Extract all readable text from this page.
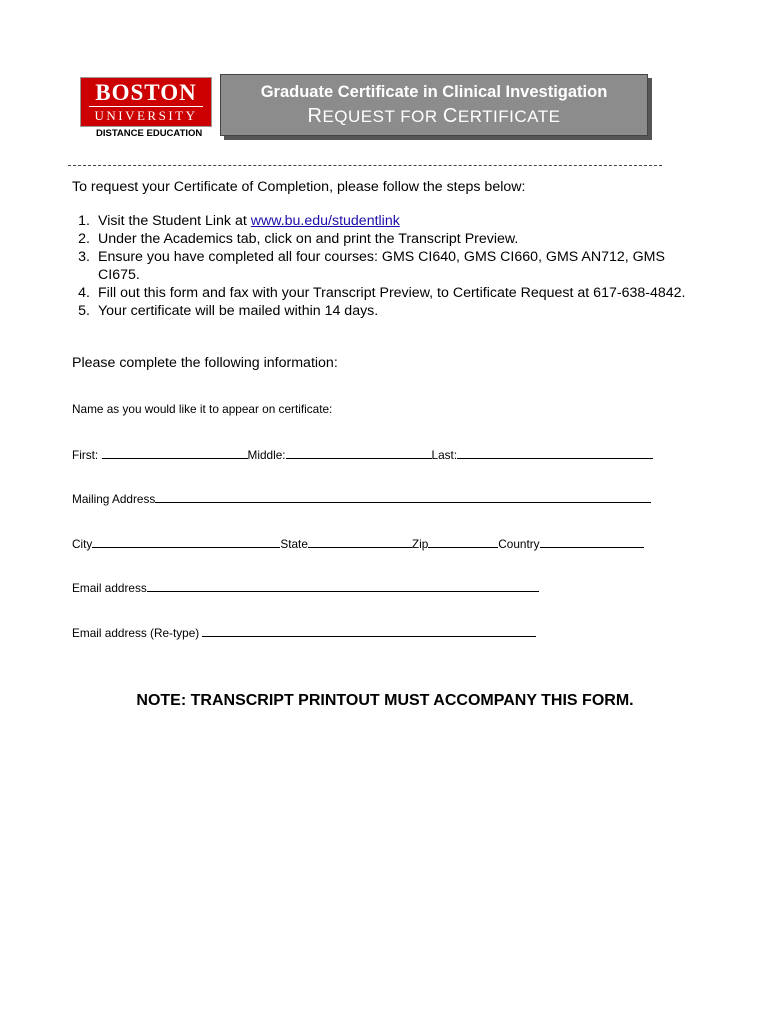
BOSTON
UNIVERSITY
DISTANCE EDUCATION
Graduate Certificate in Clinical Investigation
REQUEST FOR CERTIFICATE
To request your Certificate of Completion, please follow the steps below:
1. Visit the Student Link at www.bu.edu/studentlink
2. Under the Academics tab, click on and print the Transcript Preview.
3. Ensure you have completed all four courses: GMS CI640, GMS CI660, GMS AN712, GMS CI675.
4. Fill out this form and fax with your Transcript Preview, to Certificate Request at 617-638-4842.
5. Your certificate will be mailed within 14 days.
Please complete the following information:
Name as you would like it to appear on certificate:
First:	Middle:	Last:
Mailing Address
City	State	Zip	Country
Email address
Email address (Re-type)
NOTE: TRANSCRIPT PRINTOUT MUST ACCOMPANY THIS FORM.
